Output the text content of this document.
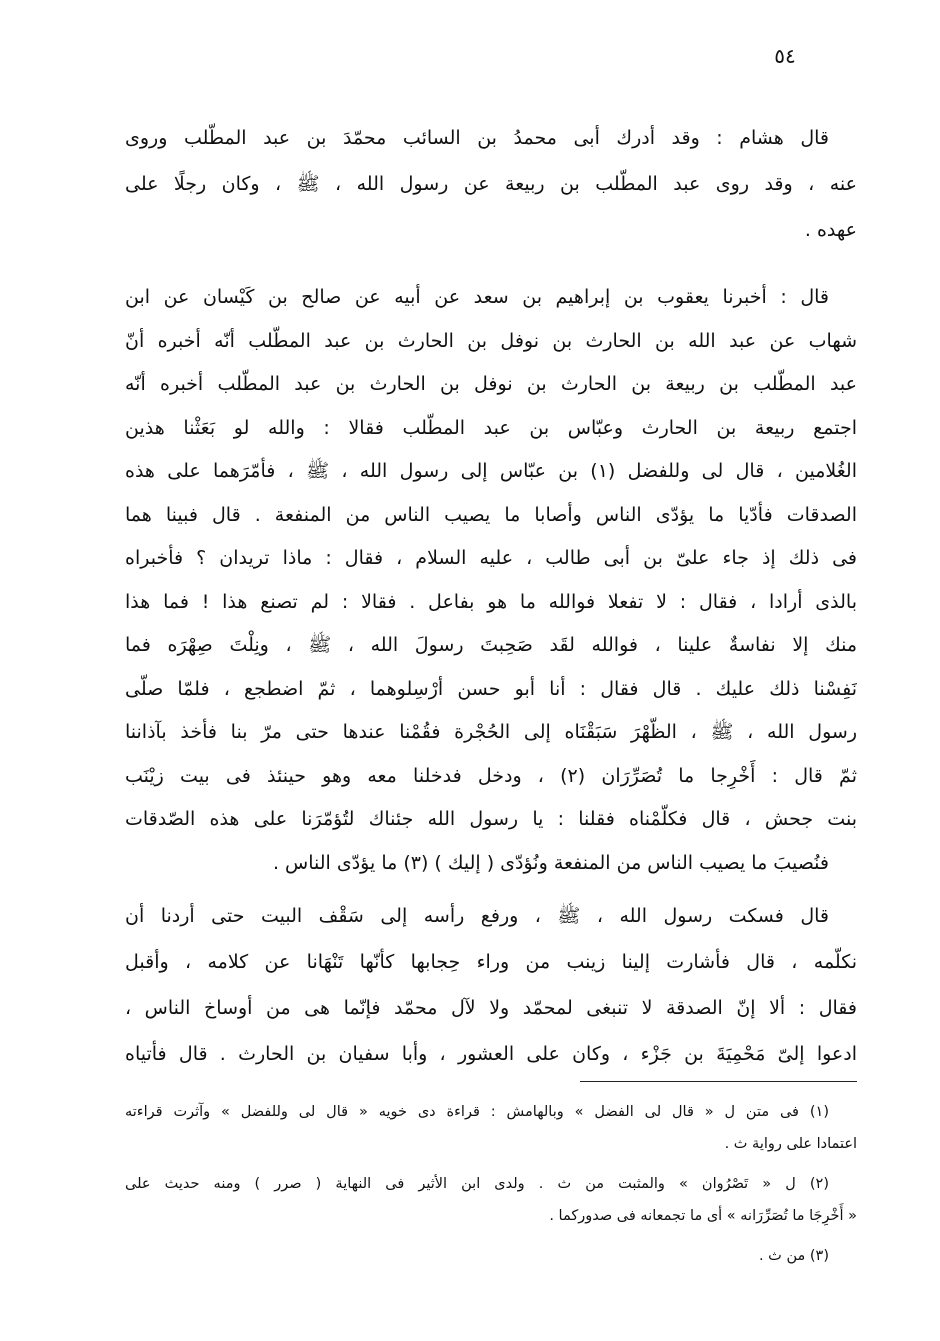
٥٤
قال هشام : وقد أدرك أبى محمدُ بن السائب محمّدَ بن عبد المطّلب وروى
عنه ، وقد روى عبد المطّلب بن ربيعة عن رسول الله ، ﷺ ، وكان رجلًا على
عهده .
قال : أخبرنا يعقوب بن إبراهيم بن سعد عن أبيه عن صالح بن كَيْسان عن ابن
شهاب عن عبد الله بن الحارث بن نوفل بن الحارث بن عبد المطّلب أنّه أخبره أنّ
عبد المطّلب بن ربيعة بن الحارث بن نوفل بن الحارث بن عبد المطّلب أخبره أنّه
اجتمع ربيعة بن الحارث وعبّاس بن عبد المطّلب فقالا : والله لو بَعَثْنا هذين
الغُلامين ، قال لى وللفضل (١) بن عبّاس إلى رسول الله ، ﷺ ، فأمّرَهما على هذه
الصدقات فأدّيا ما يؤدّى الناس وأصابا ما يصيب الناس من المنفعة . قال فبينا هما
فى ذلك إذ جاء علىّ بن أبى طالب ، عليه السلام ، فقال : ماذا تريدان ؟ فأخبراه
بالذى أرادا ، فقال : لا تفعلا فوالله ما هو بفاعل . فقالا : لم تصنع هذا ! فما هذا
منك إلا نفاسةٌ علينا ، فوالله لقَد صَحِبتَ رسولَ الله ، ﷺ ، ونِلْتَ صِهْرَه فما
نَفِسْنا ذلك عليك . قال فقال : أنا أبو حسن أرْسِلوهما ، ثمّ اضطجع ، فلمّا صلّى
رسول الله ، ﷺ ، الظّهْرَ سَبَقْنَاه إلى الحُجْرة فقُمْنا عندها حتى مرّ بنا فأخذ بآذاننا
ثمّ قال : أَخْرِجا ما تُصَرِّرَان (٢) ، ودخل فدخلنا معه وهو حينئذ فى بيت زيْنَب
بنت جحش ، قال فكلّمْناه فقلنا : يا رسول الله جئناك لتُؤمّرَنا على هذه الصّدقات
فنُصيبَ ما يصيب الناس من المنفعة ونُؤدّى ( إليك ) (٣) ما يؤدّى الناس .
قال فسكت رسول الله ، ﷺ ، ورفع رأسه إلى سَقْف البيت حتى أردنا أن
نكلّمه ، قال فأشارت إلينا زينب من وراء حِجابها كأنّها تَنْهَانا عن كلامه ، وأقبل
فقال : ألا إنّ الصدقة لا تنبغى لمحمّد ولا لآل محمّد فإنّما هى من أوساخ الناس ،
ادعوا إلىّ مَحْمِيَةَ بن جَزْء ، وكان على العشور ، وأبا سفيان بن الحارث . قال فأتياه
(١) فى متن ل « قال لى الفضل » وبالهامش : قراءة دى خويه « قال لى وللفضل » وآثرت قراءته
اعتمادا على رواية ث .
(٢) ل « تَصْرُوان » والمثبت من ث . ولدى ابن الأثير فى النهاية ( صرر ) ومنه حديث على
« أَخْرِجَا ما تُصَرِّرَانه » أى ما تجمعانه فى صدوركما .
(٣) من ث .
